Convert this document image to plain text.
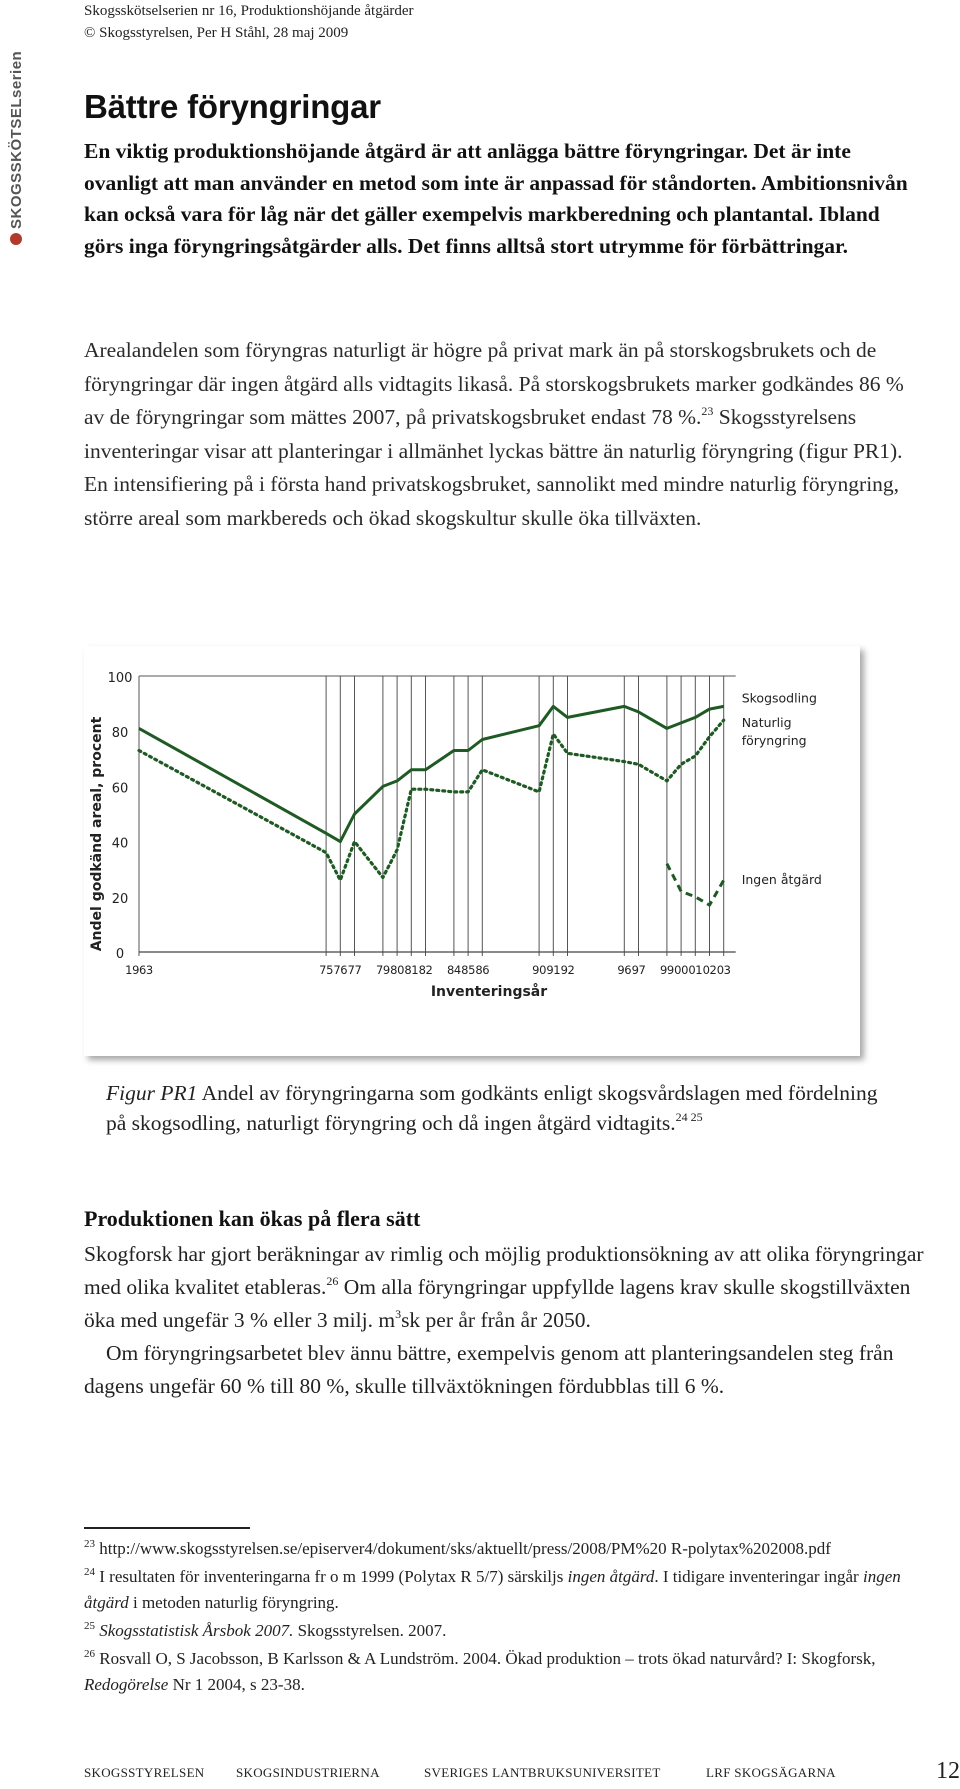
SKOGSSKÖTSELserien
Skogsskötselserien nr 16, Produktionshöjande åtgärder
© Skogsstyrelsen, Per H Ståhl, 28 maj 2009
Bättre föryngringar

En viktig produktionshöjande åtgärd är att anlägga bättre föryngringar. Det är inte ovanligt att man använder en metod som inte är anpassad för ståndorten. Ambitionsnivån kan också vara för låg när det gäller exempelvis markberedning och plantantal. Ibland görs inga föryngringsåtgärder alls. Det finns alltså stort utrymme för förbättringar.

Arealandelen som föryngras naturligt är högre på privat mark än på storskogsbrukets och de föryngringar där ingen åtgärd alls vidtagits likaså. På storskogsbrukets marker godkändes 86 % av de föryngringar som mättes 2007, på privatskogsbruket endast 78 %.$^{23}$ Skogsstyrelsens inventeringar visar att planteringar i allmänhet lyckas bättre än naturlig föryngring (figur PR1). En intensifiering på i första hand privatskogsbruket, sannolikt med mindre naturlig föryngring, större areal som markbereds och ökad skogskultur skulle öka tillväxten.

0
20
40
60
80
100
1963	75 76 77 79 80 81 82 84 85 86	90 91 92	96 97 99 00 01 02 03
Inventeringsår
Andel godkänd areal, procent
Skogsodling
Naturlig föryngring
Ingen åtgärd

Figur PR1 Andel av föryngringarna som godkänts enligt skogsvårdslagen med fördelning på skogsodling, naturligt föryngring och då ingen åtgärd vidtagits.$^{24 25}$

Produktionen kan ökas på flera sätt

Skogforsk har gjort beräkningar av rimlig och möjlig produktionsökning av att olika föryngringar med olika kvalitet etableras.$^{26}$ Om alla föryngringar uppfyllde lagens krav skulle skogstillväxten öka med ungefär 3 % eller 3 milj. $m^3sk$ per år från år 2050.

Om föryngringsarbetet blev ännu bättre, exempelvis genom att planteringsandelen steg från dagens ungefär 60 % till 80 %, skulle tillväxtökningen fördubblas till 6 %.

$^{23}$ http://www.skogsstyrelsen.se/episerver4/dokument/sks/aktuellt/press/2008/PM%20 R-polytax%202008.pdf

$^{24}$ I resultaten för inventeringarna fr o m 1999 (Polytax R 5/7) särskiljs ingen åtgärd. I tidigare inventeringar ingår ingen åtgärd i metoden naturlig föryngring.

$^{25}$ Skogsstatistisk Årsbok 2007. Skogsstyrelsen. 2007.

$^{26}$ Rosvall O, S Jacobsson, B Karlsson & A Lundström. 2004. Ökad produktion – trots ökad naturvård? I: Skogforsk, Redogörelse Nr 1 2004, s 23-38.

SKOGSSTYRELSEN SKOGSINDUSTRIERNA	SVERIGES LANTBRUKSUNIVERSITET	LRF SKOGSÄGARNA	12
